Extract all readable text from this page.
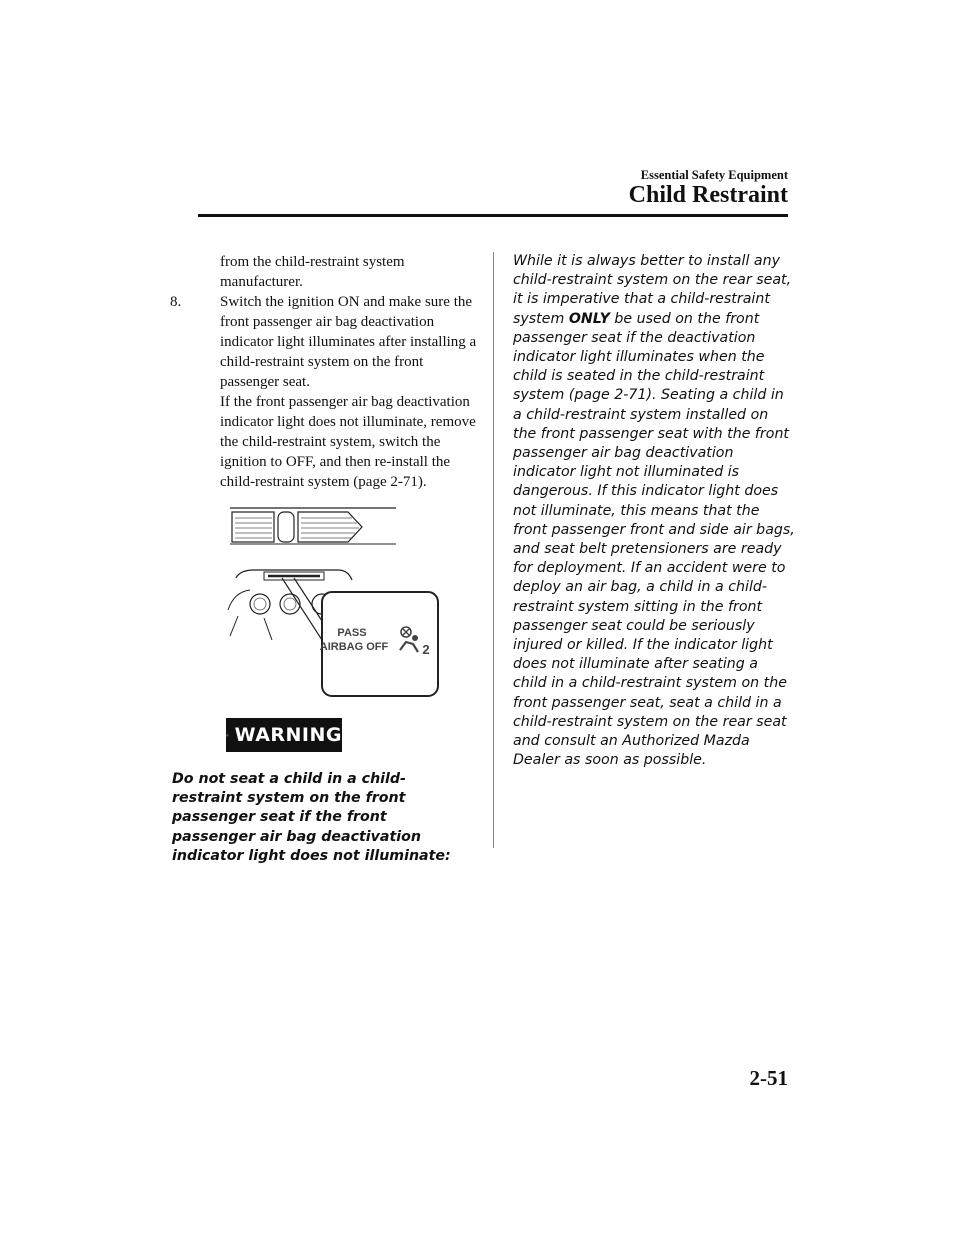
Essential Safety Equipment
Child Restraint
from the child-restraint system manufacturer.
8.	Switch the ignition ON and make sure the front passenger air bag deactivation indicator light illuminates after installing a child-restraint system on the front passenger seat.
If the front passenger air bag deactivation indicator light does not illuminate, remove the child-restraint system, switch the ignition to OFF, and then re-install the child-restraint system (page 2-71).
PASS
AIRBAG OFF	2
WARNING
Do not seat a child in a child-restraint system on the front passenger seat if the front passenger air bag deactivation indicator light does not illuminate:
While it is always better to install any child-restraint system on the rear seat, it is imperative that a child-restraint system ONLY be used on the front passenger seat if the deactivation indicator light illuminates when the child is seated in the child-restraint system (page 2-71). Seating a child in a child-restraint system installed on the front passenger seat with the front passenger air bag deactivation indicator light not illuminated is dangerous. If this indicator light does not illuminate, this means that the front passenger front and side air bags, and seat belt pretensioners are ready for deployment. If an accident were to deploy an air bag, a child in a child-restraint system sitting in the front passenger seat could be seriously injured or killed. If the indicator light does not illuminate after seating a child in a child-restraint system on the front passenger seat, seat a child in a child-restraint system on the rear seat and consult an Authorized Mazda Dealer as soon as possible.
2-51
